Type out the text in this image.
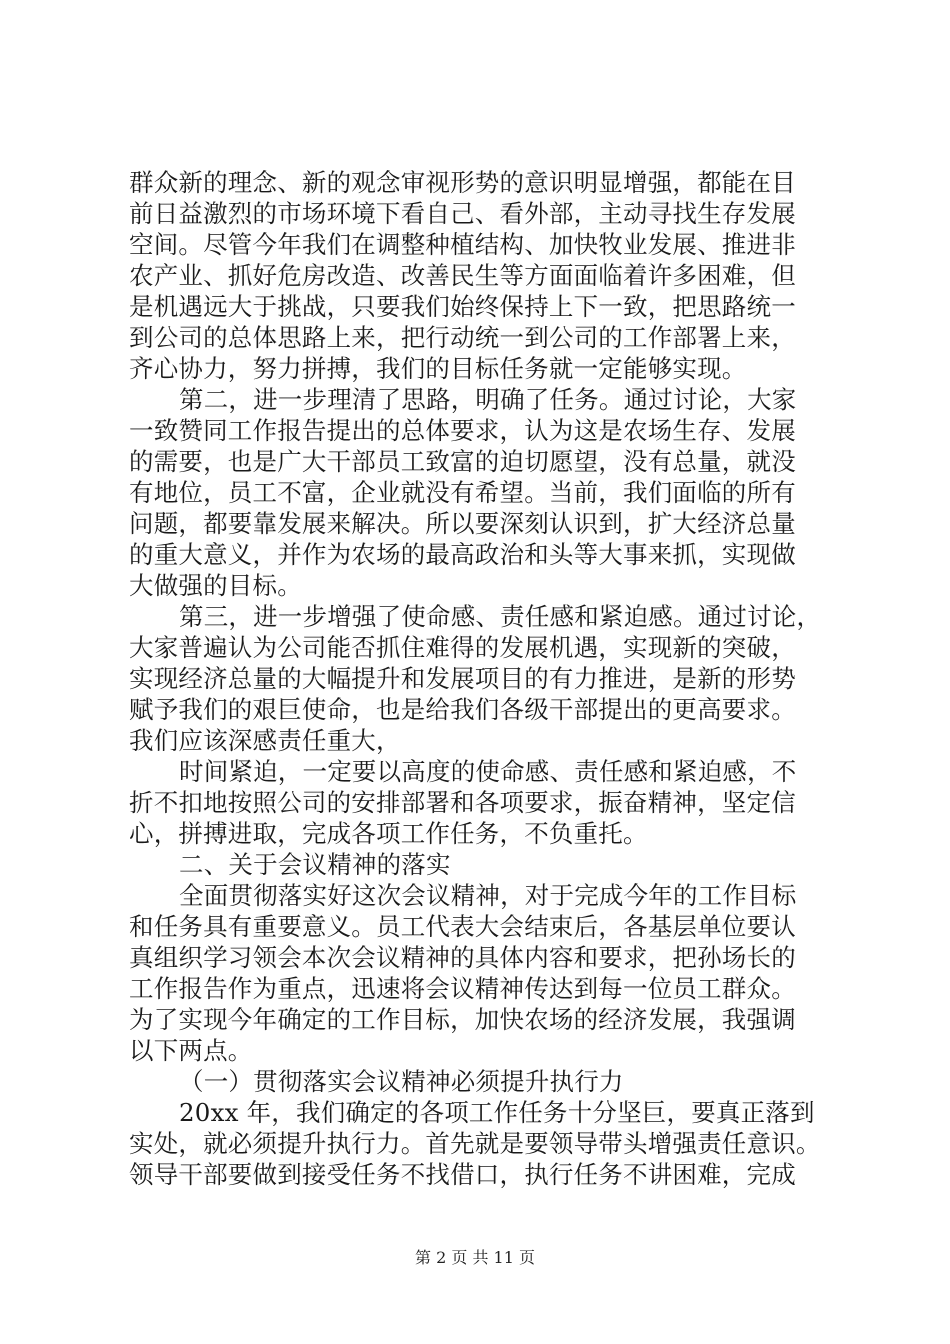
群众新的理念、新的观念审视形势的意识明显增强，都能在目
前日益激烈的市场环境下看自己、看外部，主动寻找生存发展
空间。尽管今年我们在调整种植结构、加快牧业发展、推进非
农产业、抓好危房改造、改善民生等方面面临着许多困难，但
是机遇远大于挑战，只要我们始终保持上下一致，把思路统一
到公司的总体思路上来，把行动统一到公司的工作部署上来，
齐心协力，努力拼搏，我们的目标任务就一定能够实现。
第二，进一步理清了思路，明确了任务。通过讨论，大家
一致赞同工作报告提出的总体要求，认为这是农场生存、发展
的需要，也是广大干部员工致富的迫切愿望，没有总量，就没
有地位，员工不富，企业就没有希望。当前，我们面临的所有
问题，都要靠发展来解决。所以要深刻认识到，扩大经济总量
的重大意义，并作为农场的最高政治和头等大事来抓，实现做
大做强的目标。
第三，进一步增强了使命感、责任感和紧迫感。通过讨论，
大家普遍认为公司能否抓住难得的发展机遇，实现新的突破，
实现经济总量的大幅提升和发展项目的有力推进，是新的形势
赋予我们的艰巨使命，也是给我们各级干部提出的更高要求。
我们应该深感责任重大，
时间紧迫，一定要以高度的使命感、责任感和紧迫感，不
折不扣地按照公司的安排部署和各项要求，振奋精神，坚定信
心，拼搏进取，完成各项工作任务，不负重托。
二、关于会议精神的落实
全面贯彻落实好这次会议精神，对于完成今年的工作目标
和任务具有重要意义。员工代表大会结束后，各基层单位要认
真组织学习领会本次会议精神的具体内容和要求，把孙场长的
工作报告作为重点，迅速将会议精神传达到每一位员工群众。
为了实现今年确定的工作目标，加快农场的经济发展，我强调
以下两点。
（一）贯彻落实会议精神必须提升执行力
20xx 年，我们确定的各项工作任务十分坚巨，要真正落到
实处，就必须提升执行力。首先就是要领导带头增强责任意识。
领导干部要做到接受任务不找借口，执行任务不讲困难，完成
第 2 页 共 11 页
